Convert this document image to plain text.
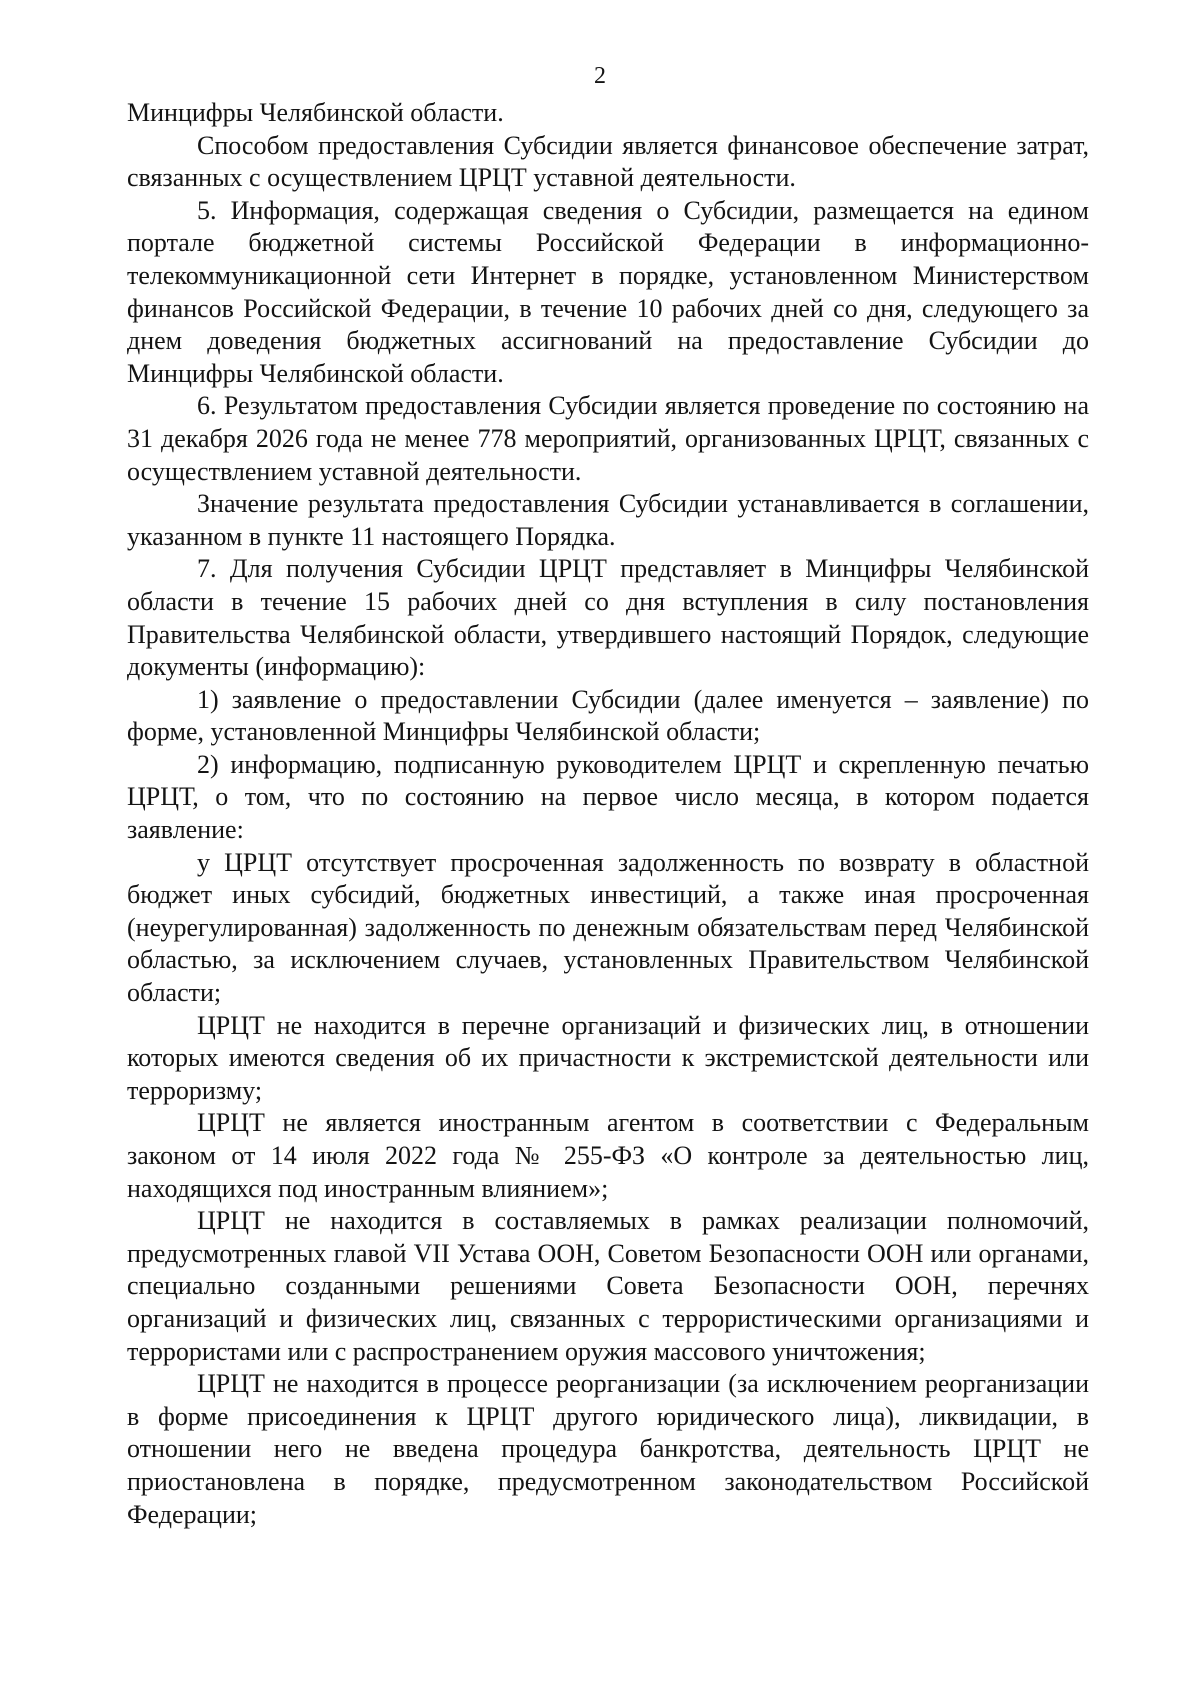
2

Минцифры Челябинской области.

Способом предоставления Субсидии является финансовое обеспечение затрат, связанных с осуществлением ЦРЦТ уставной деятельности.

5. Информация, содержащая сведения о Субсидии, размещается на едином портале бюджетной системы Российской Федерации в информационно-телекоммуникационной сети Интернет в порядке, установленном Министерством финансов Российской Федерации, в течение 10 рабочих дней со дня, следующего за днем доведения бюджетных ассигнований на предоставление Субсидии до Минцифры Челябинской области.

6. Результатом предоставления Субсидии является проведение по состоянию на 31 декабря 2026 года не менее 778 мероприятий, организованных ЦРЦТ, связанных с осуществлением уставной деятельности.

Значение результата предоставления Субсидии устанавливается в соглашении, указанном в пункте 11 настоящего Порядка.

7. Для получения Субсидии ЦРЦТ представляет в Минцифры Челябинской области в течение 15 рабочих дней со дня вступления в силу постановления Правительства Челябинской области, утвердившего настоящий Порядок, следующие документы (информацию):

1) заявление о предоставлении Субсидии (далее именуется – заявление) по форме, установленной Минцифры Челябинской области;

2) информацию, подписанную руководителем ЦРЦТ и скрепленную печатью ЦРЦТ, о том, что по состоянию на первое число месяца, в котором подается заявление:

у ЦРЦТ отсутствует просроченная задолженность по возврату в областной бюджет иных субсидий, бюджетных инвестиций, а также иная просроченная (неурегулированная) задолженность по денежным обязательствам перед Челябинской областью, за исключением случаев, установленных Правительством Челябинской области;

ЦРЦТ не находится в перечне организаций и физических лиц, в отношении которых имеются сведения об их причастности к экстремистской деятельности или терроризму;

ЦРЦТ не является иностранным агентом в соответствии с Федеральным законом от 14 июля 2022 года № 255-ФЗ «О контроле за деятельностью лиц, находящихся под иностранным влиянием»;

ЦРЦТ не находится в составляемых в рамках реализации полномочий, предусмотренных главой VII Устава ООН, Советом Безопасности ООН или органами, специально созданными решениями Совета Безопасности ООН, перечнях организаций и физических лиц, связанных с террористическими организациями и террористами или с распространением оружия массового уничтожения;

ЦРЦТ не находится в процессе реорганизации (за исключением реорганизации в форме присоединения к ЦРЦТ другого юридического лица), ликвидации, в отношении него не введена процедура банкротства, деятельность ЦРЦТ не приостановлена в порядке, предусмотренном законодательством Российской Федерации;
